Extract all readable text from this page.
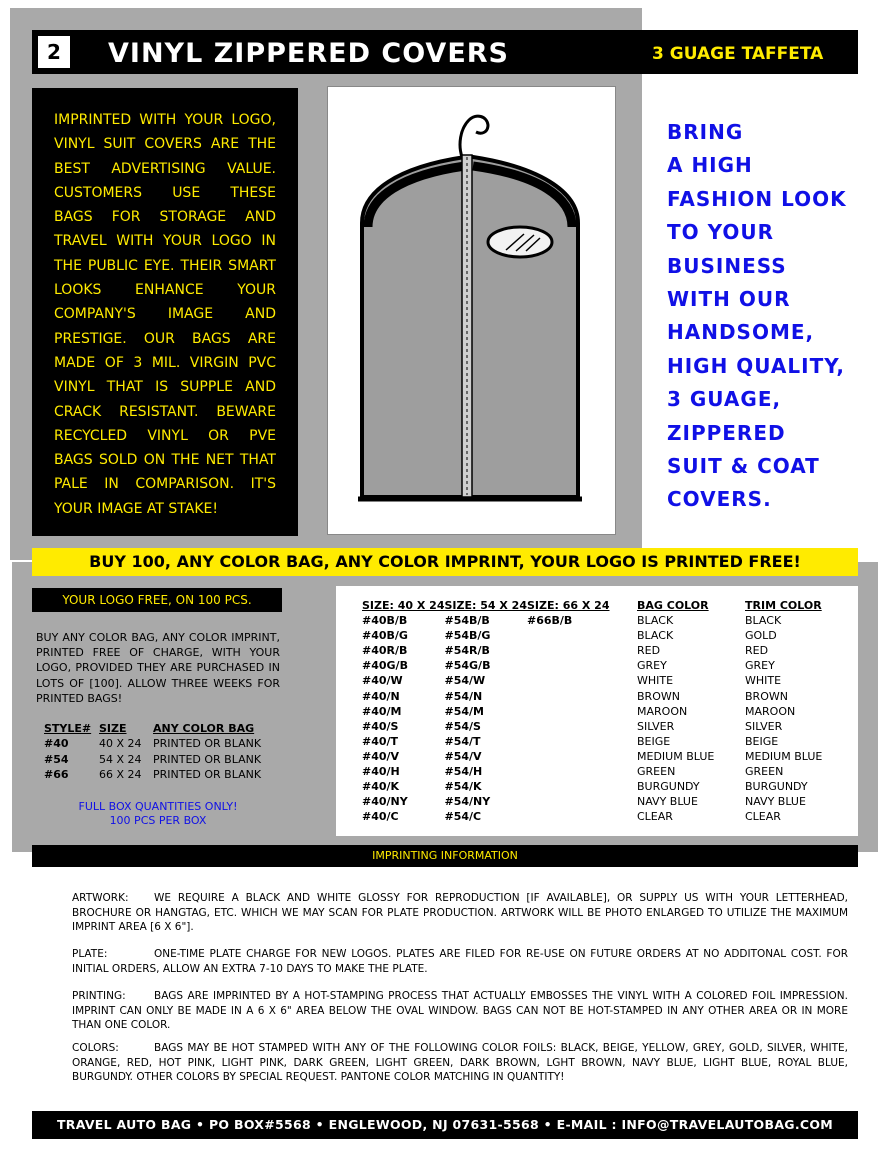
2	VINYL ZIPPERED COVERS	3 GUAGE TAFFETA
IMPRINTED WITH YOUR LOGO,
VINYL SUIT COVERS ARE THE
BEST ADVERTISING VALUE.
CUSTOMERS USE THESE
BAGS FOR STORAGE AND
TRAVEL WITH YOUR LOGO IN
THE PUBLIC EYE. THEIR SMART
LOOKS ENHANCE YOUR
COMPANY'S IMAGE AND
PRESTIGE. OUR BAGS ARE
MADE OF 3 MIL. VIRGIN PVC
VINYL THAT IS SUPPLE AND
CRACK RESISTANT. BEWARE
RECYCLED VINYL OR PVE
BAGS SOLD ON THE NET THAT
PALE IN COMPARISON. IT'S
YOUR IMAGE AT STAKE!
BRING
A HIGH
FASHION LOOK
TO YOUR
BUSINESS
WITH OUR
HANDSOME,
HIGH QUALITY,
3 GUAGE,
ZIPPERED
SUIT & COAT
COVERS.
BUY 100, ANY COLOR BAG, ANY COLOR IMPRINT, YOUR LOGO IS PRINTED FREE!
YOUR LOGO FREE, ON 100 PCS.
BUY ANY COLOR BAG, ANY COLOR IMPRINT, PRINTED FREE OF CHARGE, WITH YOUR LOGO, PROVIDED THEY ARE PURCHASED IN LOTS OF [100]. ALLOW THREE WEEKS FOR PRINTED BAGS!
STYLE#	SIZE	ANY COLOR BAG
#40	40 X 24	PRINTED OR BLANK
#54	54 X 24	PRINTED OR BLANK
#66	66 X 24	PRINTED OR BLANK
FULL BOX QUANTITIES ONLY!
100 PCS PER BOX
SIZE: 40 X 24	SIZE: 54 X 24	SIZE: 66 X 24	BAG COLOR	TRIM COLOR
#40B/B	#54B/B	#66B/B	BLACK	BLACK
#40B/G	#54B/G		BLACK	GOLD
#40R/B	#54R/B		RED	RED
#40G/B	#54G/B		GREY	GREY
#40/W	#54/W		WHITE	WHITE
#40/N	#54/N		BROWN	BROWN
#40/M	#54/M		MAROON	MAROON
#40/S	#54/S		SILVER	SILVER
#40/T	#54/T		BEIGE	BEIGE
#40/V	#54/V		MEDIUM BLUE	MEDIUM BLUE
#40/H	#54/H		GREEN	GREEN
#40/K	#54/K		BURGUNDY	BURGUNDY
#40/NY	#54/NY		NAVY BLUE	NAVY BLUE
#40/C	#54/C		CLEAR	CLEAR
IMPRINTING INFORMATION
ARTWORK: WE REQUIRE A BLACK AND WHITE GLOSSY FOR REPRODUCTION [IF AVAILABLE], OR SUPPLY US WITH YOUR LETTERHEAD, BROCHURE OR HANGTAG, ETC. WHICH WE MAY SCAN FOR PLATE PRODUCTION. ARTWORK WILL BE PHOTO ENLARGED TO UTILIZE THE MAXIMUM IMPRINT AREA [6 X 6"].
PLATE:	ONE-TIME PLATE CHARGE FOR NEW LOGOS. PLATES ARE FILED FOR RE-USE ON FUTURE ORDERS AT NO ADDITONAL COST. FOR INITIAL ORDERS, ALLOW AN EXTRA 7-10 DAYS TO MAKE THE PLATE.
PRINTING:	BAGS ARE IMPRINTED BY A HOT-STAMPING PROCESS THAT ACTUALLY EMBOSSES THE VINYL WITH A COLORED FOIL IMPRESSION. IMPRINT CAN ONLY BE MADE IN A 6 X 6" AREA BELOW THE OVAL WINDOW. BAGS CAN NOT BE HOT-STAMPED IN ANY OTHER AREA OR IN MORE THAN ONE COLOR.
COLORS:	BAGS MAY BE HOT STAMPED WITH ANY OF THE FOLLOWING COLOR FOILS: BLACK, BEIGE, YELLOW, GREY, GOLD, SILVER, WHITE, ORANGE, RED, HOT PINK, LIGHT PINK, DARK GREEN, LIGHT GREEN, DARK BROWN, LGHT BROWN, NAVY BLUE, LIGHT BLUE, ROYAL BLUE, BURGUNDY. OTHER COLORS BY SPECIAL REQUEST. PANTONE COLOR MATCHING IN QUANTITY!
TRAVEL AUTO BAG • PO BOX#5568 • ENGLEWOOD, NJ 07631-5568 • E-MAIL : INFO@TRAVELAUTOBAG.COM
